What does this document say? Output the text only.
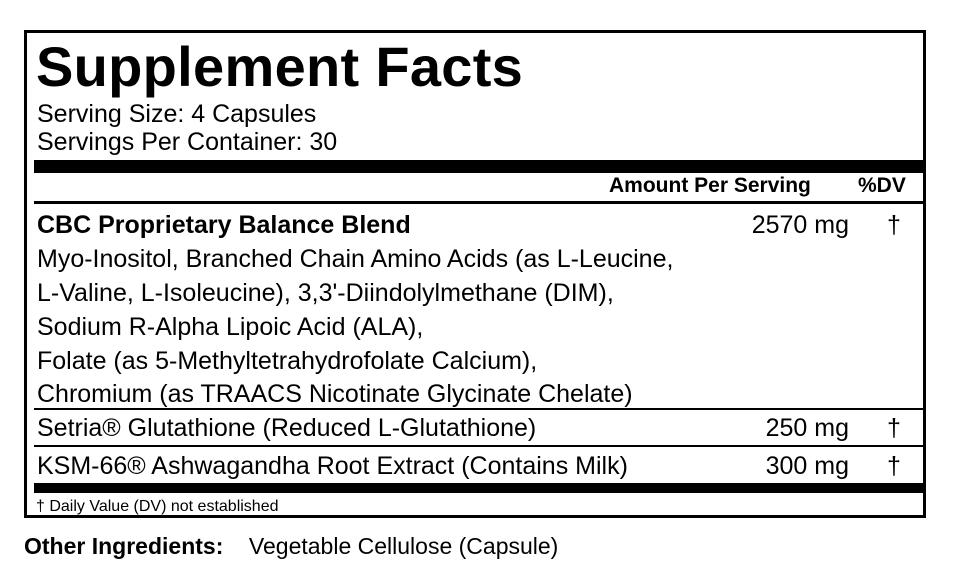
Supplement Facts
Serving Size: 4 Capsules
Servings Per Container: 30
Amount Per Serving %DV
CBC Proprietary Balance Blend	2570 mg †
Myo-Inositol, Branched Chain Amino Acids (as L-Leucine,
L-Valine, L-Isoleucine), 3,3'-Diindolylmethane (DIM),
Sodium R-Alpha Lipoic Acid (ALA),
Folate (as 5-Methyltetrahydrofolate Calcium),
Chromium (as TRAACS Nicotinate Glycinate Chelate)
Setria® Glutathione (Reduced L-Glutathione)	250 mg †
KSM-66® Ashwagandha Root Extract (Contains Milk)	300 mg †
† Daily Value (DV) not established
Other Ingredients: Vegetable Cellulose (Capsule)
